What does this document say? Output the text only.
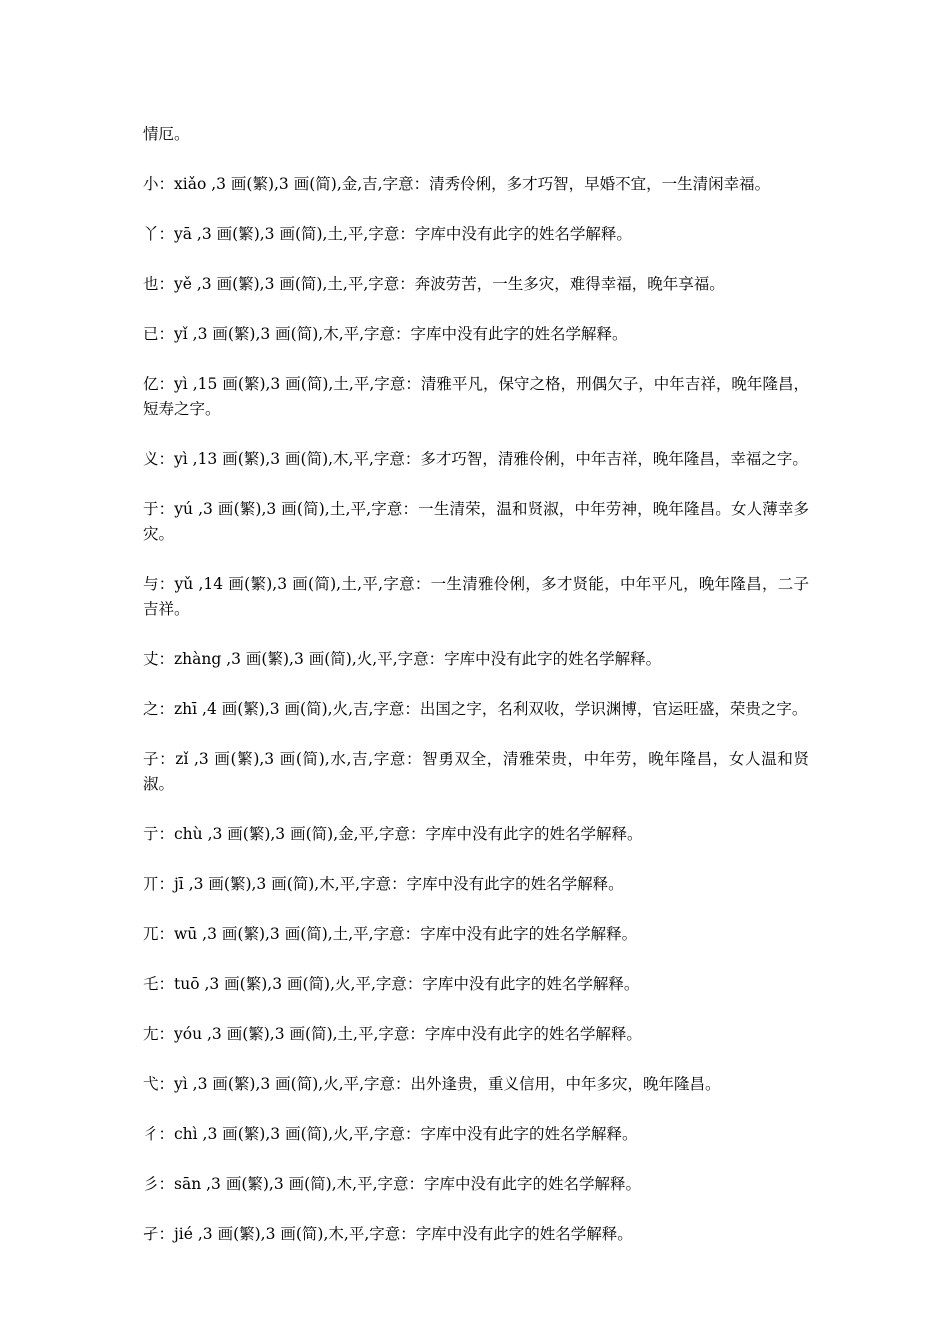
情厄。

小：xiǎo ,3 画(繁),3 画(简),金,吉,字意：清秀伶俐，多才巧智，早婚不宜，一生清闲幸福。

丫：yā ,3 画(繁),3 画(简),土,平,字意：字库中没有此字的姓名学解释。

也：yě ,3 画(繁),3 画(简),土,平,字意：奔波劳苦，一生多灾，难得幸福，晚年享福。

已：yǐ ,3 画(繁),3 画(简),木,平,字意：字库中没有此字的姓名学解释。

亿：yì ,15 画(繁),3 画(简),土,平,字意：清雅平凡，保守之格，刑偶欠子，中年吉祥，晚年隆昌，短寿之字。

义：yì ,13 画(繁),3 画(简),木,平,字意：多才巧智，清雅伶俐，中年吉祥，晚年隆昌，幸福之字。

于：yú ,3 画(繁),3 画(简),土,平,字意：一生清荣，温和贤淑，中年劳神，晚年隆昌。女人薄幸多灾。

与：yǔ ,14 画(繁),3 画(简),土,平,字意：一生清雅伶俐，多才贤能，中年平凡，晚年隆昌，二子吉祥。

丈：zhàng ,3 画(繁),3 画(简),火,平,字意：字库中没有此字的姓名学解释。

之：zhī ,4 画(繁),3 画(简),火,吉,字意：出国之字，名利双收，学识渊博，官运旺盛，荣贵之字。

子：zǐ ,3 画(繁),3 画(简),水,吉,字意：智勇双全，清雅荣贵，中年劳，晚年隆昌，女人温和贤淑。

亍：chù ,3 画(繁),3 画(简),金,平,字意：字库中没有此字的姓名学解释。

丌：jī ,3 画(繁),3 画(简),木,平,字意：字库中没有此字的姓名学解释。

兀：wū ,3 画(繁),3 画(简),土,平,字意：字库中没有此字的姓名学解释。

乇：tuō ,3 画(繁),3 画(简),火,平,字意：字库中没有此字的姓名学解释。

尢：yóu ,3 画(繁),3 画(简),土,平,字意：字库中没有此字的姓名学解释。

弋：yì ,3 画(繁),3 画(简),火,平,字意：出外逢贵，重义信用，中年多灾，晚年隆昌。

彳：chì ,3 画(繁),3 画(简),火,平,字意：字库中没有此字的姓名学解释。

彡：sān ,3 画(繁),3 画(简),木,平,字意：字库中没有此字的姓名学解释。

孑：jié ,3 画(繁),3 画(简),木,平,字意：字库中没有此字的姓名学解释。
